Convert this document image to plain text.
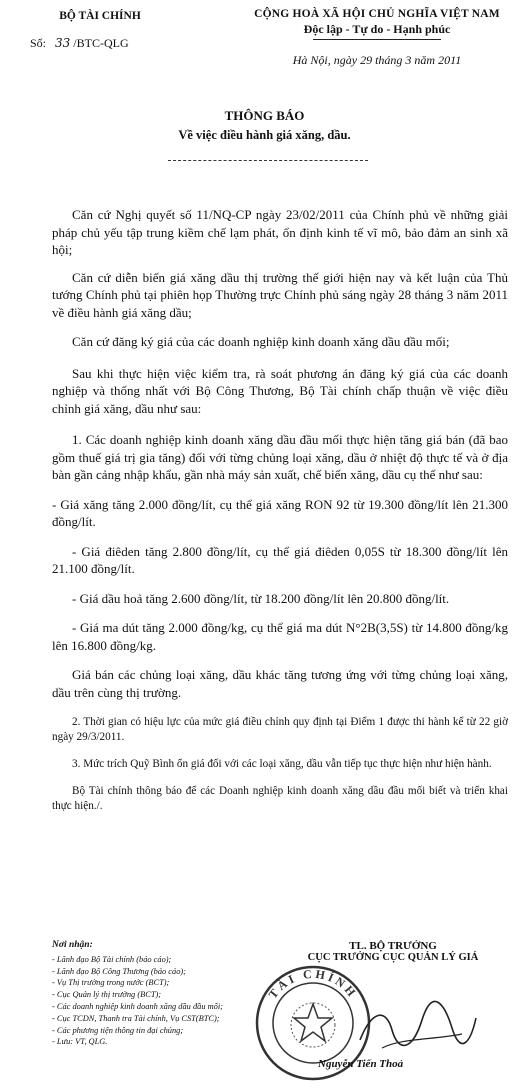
BỘ TÀI CHÍNH
Số: 33 /BTC-QLG
CỘNG HOÀ XÃ HỘI CHỦ NGHĨA VIỆT NAM
Độc lập - Tự do - Hạnh phúc
Hà Nội, ngày 29 tháng 3 năm 2011
THÔNG BÁO
Về việc điều hành giá xăng, dầu.

Căn cứ Nghị quyết số 11/NQ-CP ngày 23/02/2011 của Chính phủ về những giải pháp chủ yếu tập trung kiềm chế lạm phát, ổn định kinh tế vĩ mô, bảo đảm an sinh xã hội;

Căn cứ diễn biến giá xăng dầu thị trường thế giới hiện nay và kết luận của Thủ tướng Chính phủ tại phiên họp Thường trực Chính phủ sáng ngày 28 tháng 3 năm 2011 về điều hành giá xăng dầu;

Căn cứ đăng ký giá của các doanh nghiệp kinh doanh xăng dầu đầu mối;

Sau khi thực hiện việc kiểm tra, rà soát phương án đăng ký giá của các doanh nghiệp và thống nhất với Bộ Công Thương, Bộ Tài chính chấp thuận về việc điều chỉnh giá xăng, dầu như sau:

1. Các doanh nghiệp kinh doanh xăng dầu đầu mối thực hiện tăng giá bán (đã bao gồm thuế giá trị gia tăng) đối với từng chủng loại xăng, dầu ở nhiệt độ thực tế và ở địa bàn gần cảng nhập khẩu, gần nhà máy sản xuất, chế biến xăng, dầu cụ thể như sau:

- Giá xăng tăng 2.000 đồng/lít, cụ thể giá xăng RON 92 từ 19.300 đồng/lít lên 21.300 đồng/lít.

- Giá điêden tăng 2.800 đồng/lít, cụ thể giá điêden 0,05S từ 18.300 đồng/lít lên 21.100 đồng/lít.

- Giá dầu hoả tăng 2.600 đồng/lít, từ 18.200 đồng/lít lên 20.800 đồng/lít.

- Giá ma dút tăng 2.000 đồng/kg, cụ thể giá ma dút N°2B(3,5S) từ 14.800 đồng/kg lên 16.800 đồng/kg.

Giá bán các chủng loại xăng, dầu khác tăng tương ứng với từng chủng loại xăng, dầu trên cùng thị trường.

2. Thời gian có hiệu lực của mức giá điều chỉnh quy định tại Điểm 1 được thi hành kể từ 22 giờ ngày 29/3/2011.

3. Mức trích Quỹ Bình ổn giá đối với các loại xăng, dầu vẫn tiếp tục thực hiện như hiện hành.

Bộ Tài chính thông báo để các Doanh nghiệp kinh doanh xăng dầu đầu mối biết và triển khai thực hiện./.

Nơi nhận:
- Lãnh đạo Bộ Tài chính (báo cáo);
- Lãnh đạo Bộ Công Thương (báo cáo);
- Vụ Thị trường trong nước (BCT);
- Cục Quản lý thị trường (BCT);
- Các doanh nghiệp kinh doanh xăng dầu đầu mối;
- Cục TCDN, Thanh tra Tài chính, Vụ CST(BTC);
- Các phương tiện thông tin đại chúng;
- Lưu: VT, QLG.
TL. BỘ TRƯỞNG
CỤC TRƯỞNG CỤC QUẢN LÝ GIÁ
TÀI CHÍNH
Nguyễn Tiến Thoả
